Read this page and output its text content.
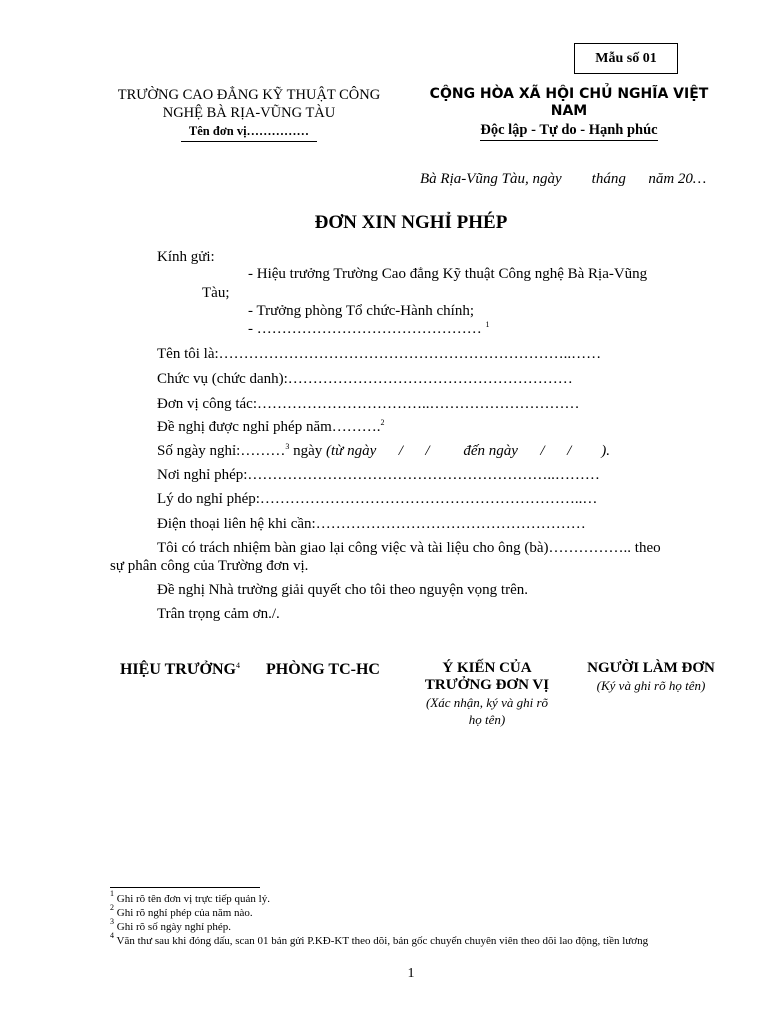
Mẫu số 01
TRƯỜNG CAO ĐẲNG KỸ THUẬT CÔNG
NGHỆ BÀ RỊA-VŨNG TÀU
Tên đơn vị……………
CỘNG HÒA XÃ HỘI CHỦ NGHĨA VIỆT
NAM
Độc lập - Tự do - Hạnh phúc
Bà Rịa-Vũng Tàu, ngày        tháng      năm 20…
ĐƠN XIN NGHỈ PHÉP
Kính gửi:
- Hiệu trưởng Trường Cao đẳng Kỹ thuật Công nghệ Bà Rịa-Vũng
Tàu;
- Trưởng phòng Tổ chức-Hành chính;
- ……………………………………… $^1$
Tên tôi là:……………………………………………………………..……
Chức vụ (chức danh):…………………………………………………
Đơn vị công tác:……………………………..…………………………
Đề nghị được nghỉ phép năm……….$^2$
Số ngày nghỉ:………$^3$ ngày (từ ngày      /      /         đến ngày      /      /        ).
Nơi nghỉ phép:……………………………………………………..………
Lý do nghỉ phép:………………………………………………………..…
Điện thoại liên hệ khi cần:………………………………………………
Tôi có trách nhiệm bàn giao lại công việc và tài liệu cho ông (bà)…………….. theo
sự phân công của Trường đơn vị.
Đề nghị Nhà trường giải quyết cho tôi theo nguyện vọng trên.
Trân trọng cảm ơn./.
HIỆU TRƯỞNG$^4$	PHÒNG TC-HC	Ý KIẾN CỦA
TRƯỞNG ĐƠN VỊ
(Xác nhận, ký và ghi rõ
họ tên)
NGƯỜI LÀM ĐƠN
(Ký và ghi rõ họ tên)
$^1$ Ghi rõ tên đơn vị trực tiếp quản lý.
$^2$ Ghi rõ nghỉ phép của năm nào.
$^3$ Ghi rõ số ngày nghỉ phép.
$^4$ Văn thư sau khi đóng dấu, scan 01 bản gửi P.KĐ-KT theo dõi, bản gốc chuyển chuyên viên theo dõi lao động, tiền lương
1
